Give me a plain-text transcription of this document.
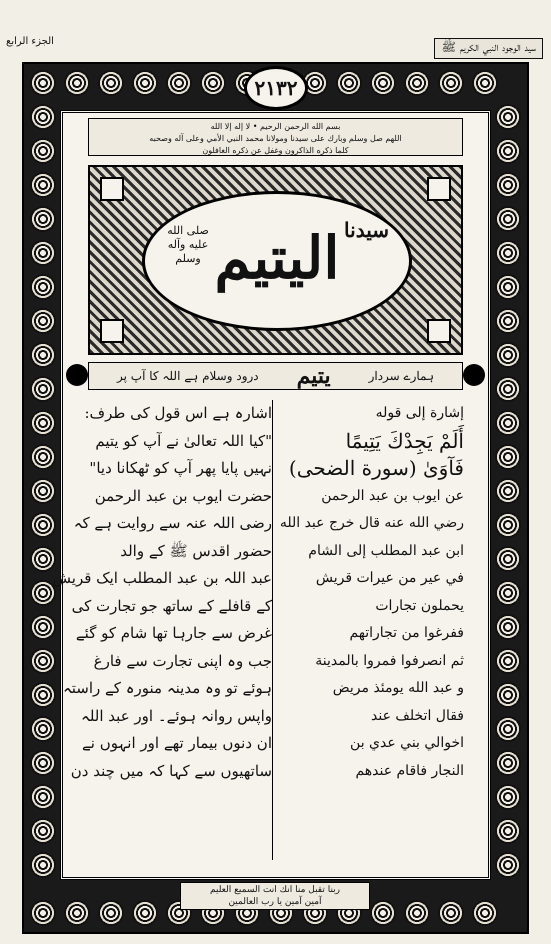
الجزء الرابع	سيد الوجود النبي الكريم ﷺ
٢١٣٢
بسم الله الرحمن الرحيم • لا إله إلا الله
اللهم صل وسلم وبارك على سيدنا ومولانا محمد النبي الأمي وعلى آله وصحبه
كلما ذكره الذاكرون وغفل عن ذكره الغافلون
سيدنا
اليتيم
صلى الله عليه وآله وسلم
ہمارے سردار
یتیم
درود وسلام ہے اللہ کا آپ پر
إشارة إلى قوله
أَلَمْ يَجِدْكَ يَتِيمًا
فَآوَىٰ (سورة الضحى)
عن ايوب بن عبد الرحمن
رضي الله عنه قال خرج عبد الله
ابن عبد المطلب إلى الشام
في عير من عيرات قريش
يحملون تجارات
ففرغوا من تجاراتهم
ثم انصرفوا فمروا بالمدينة
و عبد الله يومئذ مريض
فقال اتخلف عند
اخوالي بني عدي بن
النجار فاقام عندهم
اشارہ ہے اس قول کی طرف:
"کیا اللہ تعالیٰ نے آپ کو یتیم
نہیں پایا پھر آپ کو ٹھکانا دیا"
حضرت ایوب بن عبد الرحمن
رضی اللہ عنہ سے روایت ہے کہ
حضور اقدس ﷺ کے والد
عبد اللہ بن عبد المطلب ایک قریش
کے قافلے کے ساتھ جو تجارت کی
غرض سے جارہا تھا شام کو گئے
جب وہ اپنی تجارت سے فارغ
ہوئے تو وہ مدینہ منورہ کے راستہ
واپس روانہ ہوئے۔ اور عبد اللہ
ان دنوں بیمار تھے اور انہوں نے
ساتھیوں سے کہا کہ میں چند دن
ربنا تقبل منا انك انت السميع العليم
آمین آمین یا رب العالمین
